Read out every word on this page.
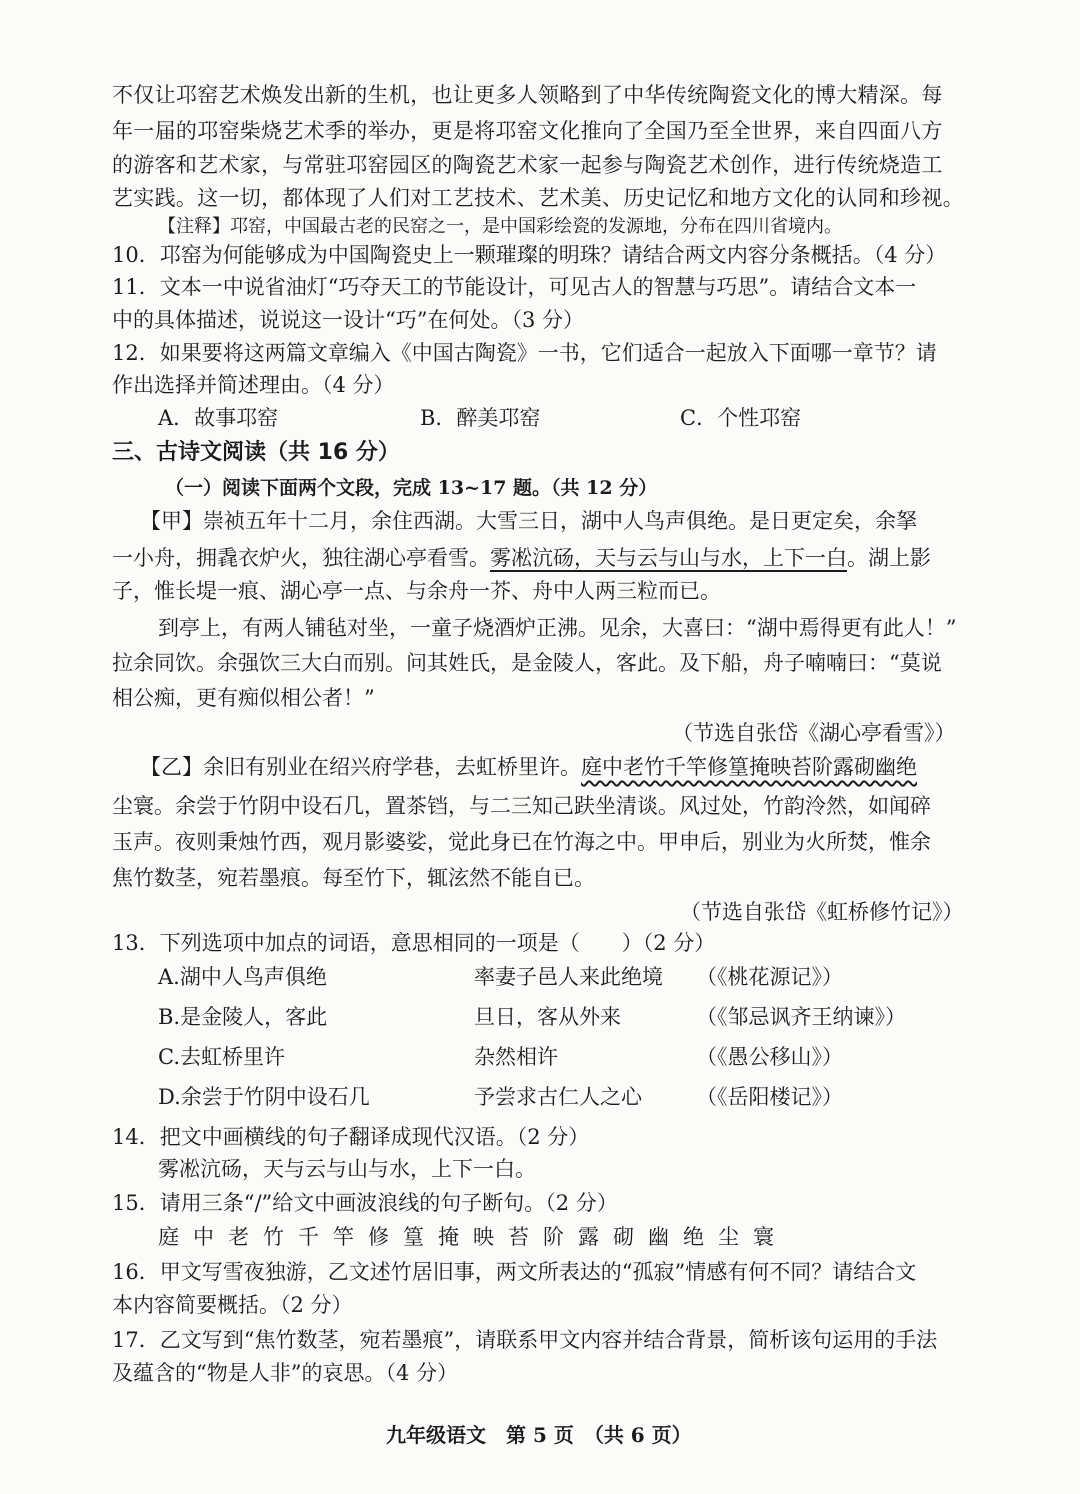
不仅让邛窑艺术焕发出新的生机，也让更多人领略到了中华传统陶瓷文化的博大精深。每
年一届的邛窑柴烧艺术季的举办，更是将邛窑文化推向了全国乃至全世界，来自四面八方
的游客和艺术家，与常驻邛窑园区的陶瓷艺术家一起参与陶瓷艺术创作，进行传统烧造工
艺实践。这一切，都体现了人们对工艺技术、艺术美、历史记忆和地方文化的认同和珍视。
【注释】邛窑，中国最古老的民窑之一，是中国彩绘瓷的发源地，分布在四川省境内。
10．邛窑为何能够成为中国陶瓷史上一颗璀璨的明珠？请结合两文内容分条概括。（4 分）
11．文本一中说省油灯“巧夺天工的节能设计，可见古人的智慧与巧思”。请结合文本一
中的具体描述，说说这一设计“巧”在何处。（3 分）
12．如果要将这两篇文章编入《中国古陶瓷》一书，它们适合一起放入下面哪一章节？请
作出选择并简述理由。（4 分）
A．故事邛窑	B．醉美邛窑	C．个性邛窑
三、古诗文阅读（共 16 分）
（一）阅读下面两个文段，完成 13~17 题。（共 12 分）
【甲】崇祯五年十二月，余住西湖。大雪三日，湖中人鸟声俱绝。是日更定矣，余拏
一小舟，拥毳衣炉火，独往湖心亭看雪。雾凇沆砀，天与云与山与水，上下一白。湖上影
子，惟长堤一痕、湖心亭一点、与余舟一芥、舟中人两三粒而已。
到亭上，有两人铺毡对坐，一童子烧酒炉正沸。见余，大喜曰：“湖中焉得更有此人！”
拉余同饮。余强饮三大白而别。问其姓氏，是金陵人，客此。及下船，舟子喃喃曰：“莫说
相公痴，更有痴似相公者！”
（节选自张岱《湖心亭看雪》）
【乙】余旧有别业在绍兴府学巷，去虹桥里许。庭中老竹千竿修篁掩映苔阶露砌幽绝
尘寰。余尝于竹阴中设石几，置茶铛，与二三知己趺坐清谈。风过处，竹韵泠然，如闻碎
玉声。夜则秉烛竹西，观月影婆娑，觉此身已在竹海之中。甲申后，别业为火所焚，惟余
焦竹数茎，宛若墨痕。每至竹下，辄泫然不能自已。
（节选自张岱《虹桥修竹记》）
13．下列选项中加点的词语，意思相同的一项是（　　）（2 分）
A.湖中人鸟声俱绝	率妻子邑人来此绝境 （《桃花源记》）
B.是金陵人，客此	旦日，客从外来	（《邹忌讽齐王纳谏》）
C.去虹桥里许	杂然相许	（《愚公移山》）
D.余尝于竹阴中设石几	予尝求古仁人之心	（《岳阳楼记》）
14．把文中画横线的句子翻译成现代汉语。（2 分）
雾凇沆砀，天与云与山与水，上下一白。
15．请用三条“/”给文中画波浪线的句子断句。（2 分）
庭中老竹千竿修篁掩映苔阶露砌幽绝尘寰
16．甲文写雪夜独游，乙文述竹居旧事，两文所表达的“孤寂”情感有何不同？请结合文
本内容简要概括。（2 分）
17．乙文写到“焦竹数茎，宛若墨痕”，请联系甲文内容并结合背景，简析该句运用的手法
及蕴含的“物是人非”的哀思。（4 分）
九年级语文　第 5 页　（共 6 页）
